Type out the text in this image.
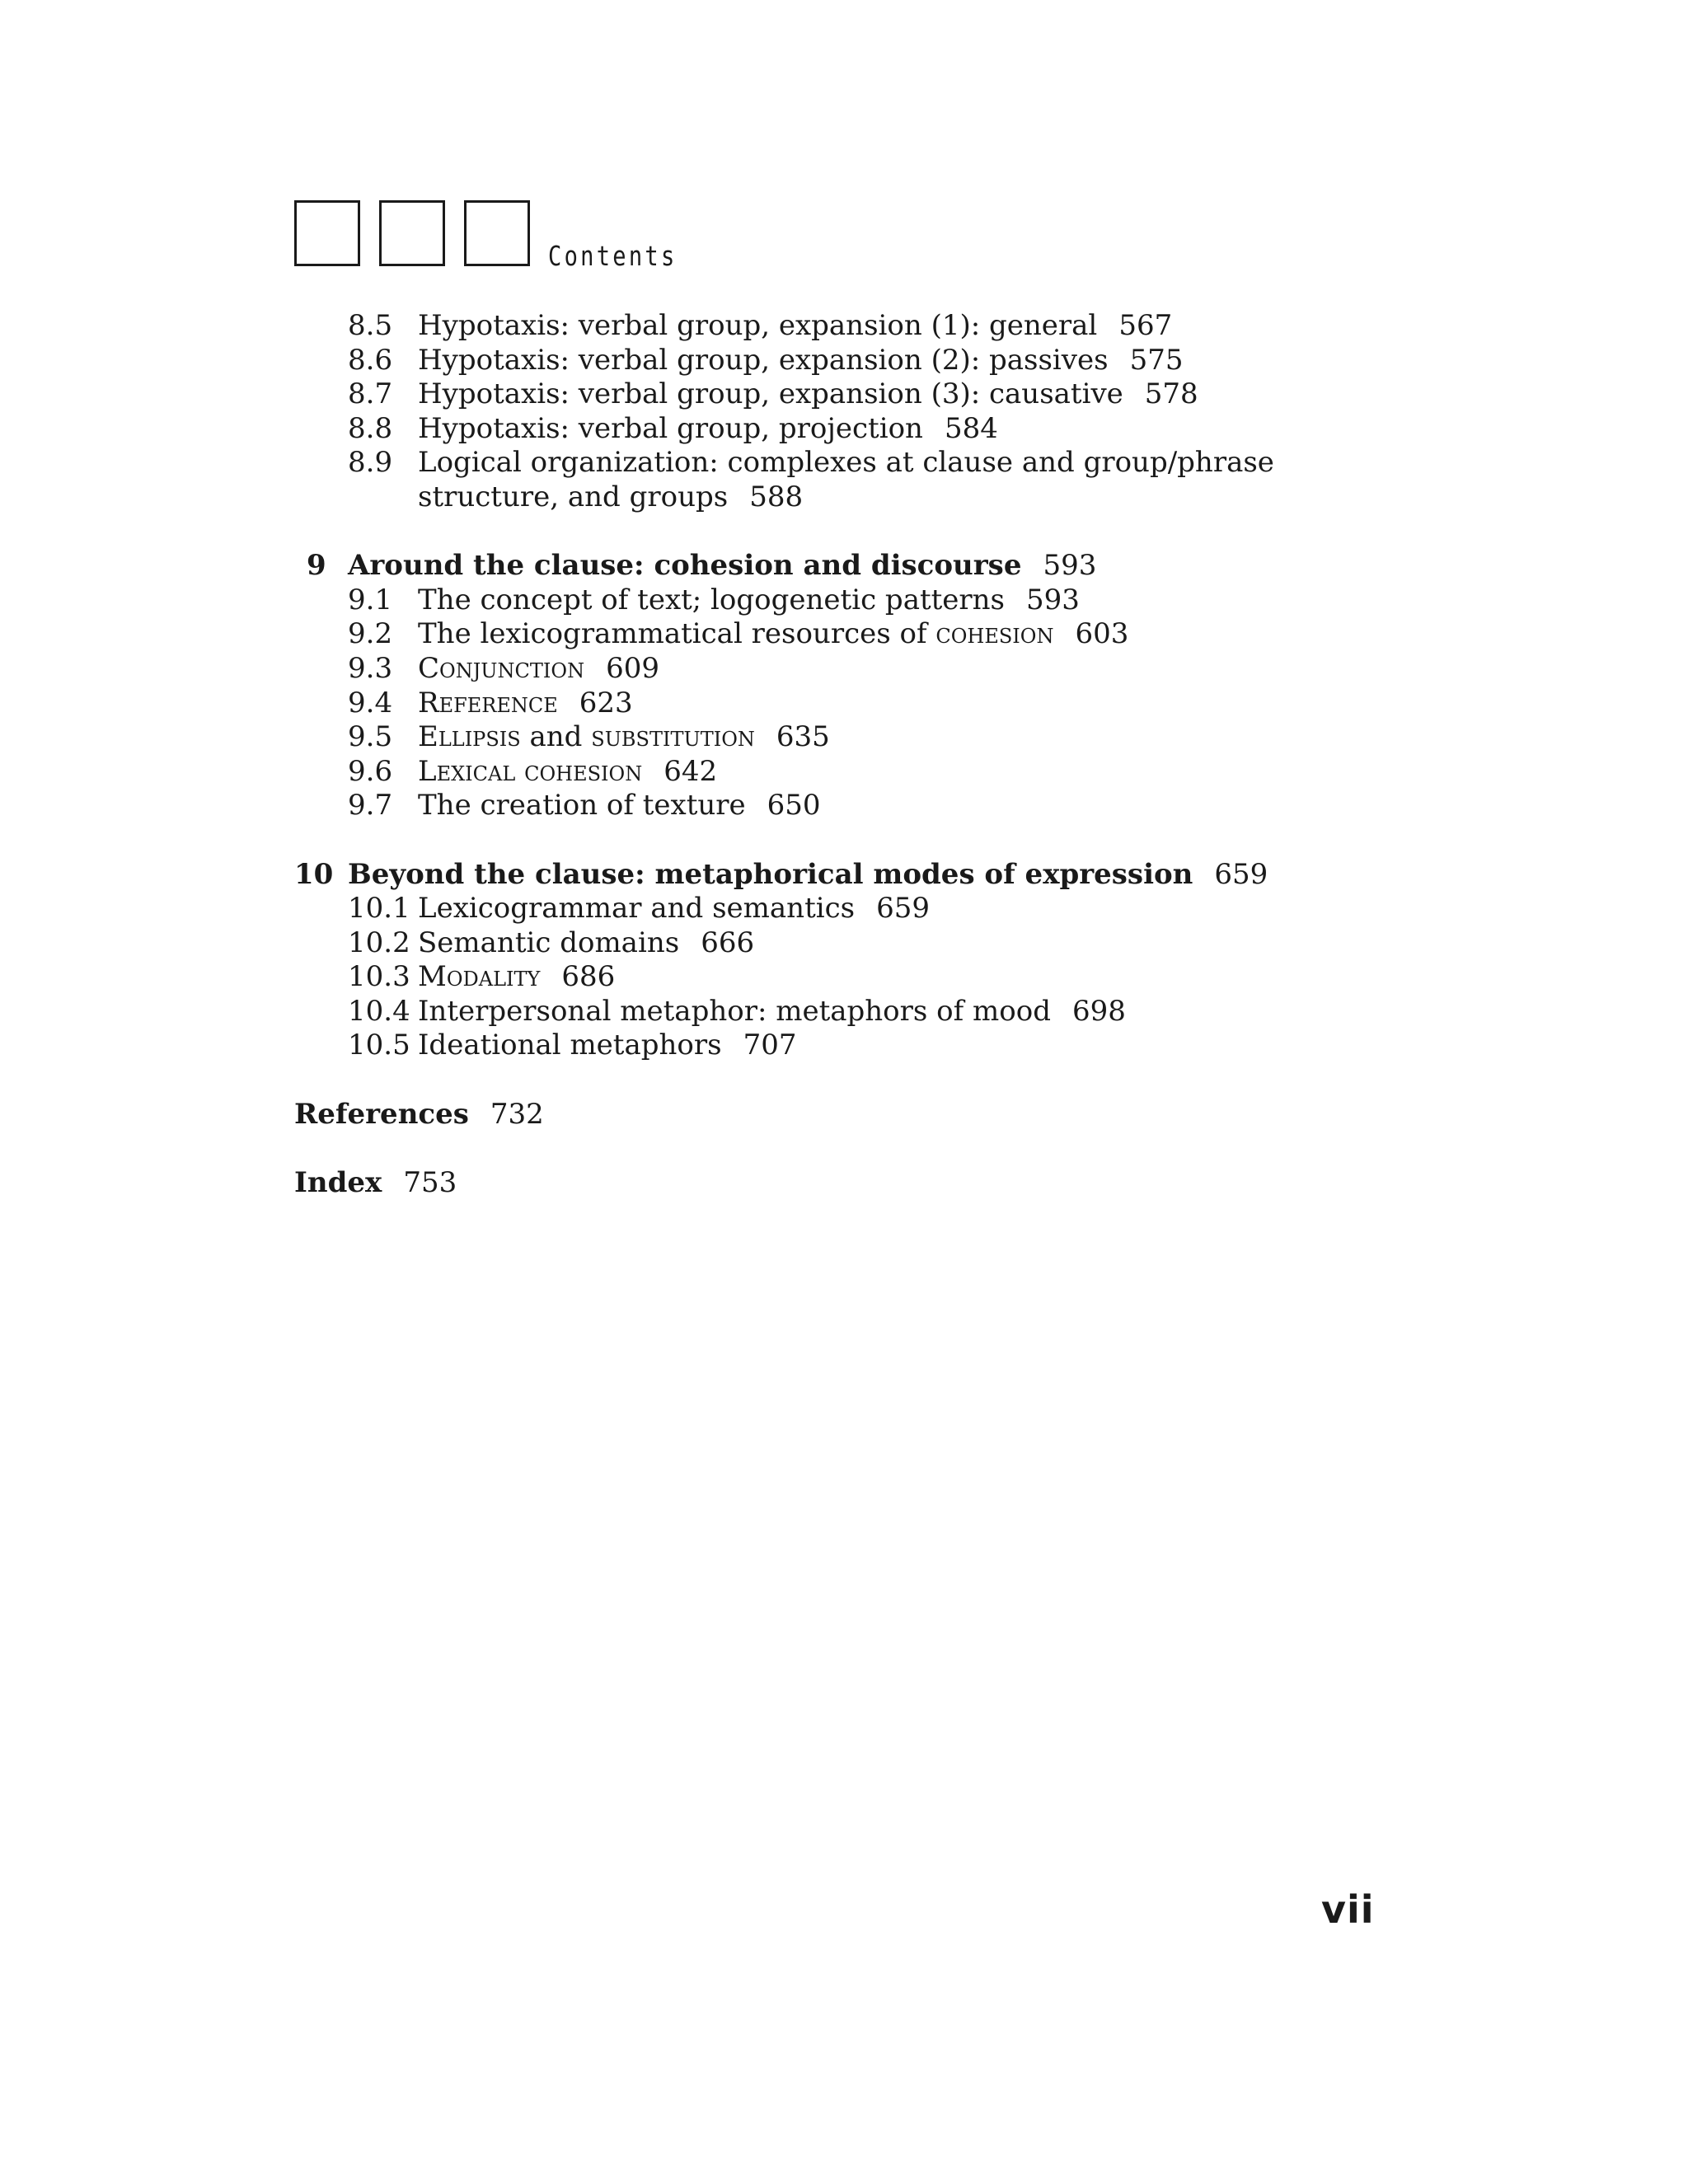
Contents
8.5 Hypotaxis: verbal group, expansion (1): general 567
8.6 Hypotaxis: verbal group, expansion (2): passives 575
8.7 Hypotaxis: verbal group, expansion (3): causative 578
8.8 Hypotaxis: verbal group, projection 584
8.9 Logical organization: complexes at clause and group/phrase structure, and groups 588
9 Around the clause: cohesion and discourse 593
9.1 The concept of text; logogenetic patterns 593
9.2 The lexicogrammatical resources of cohesion 603
9.3 Conjunction 609
9.4 Reference 623
9.5 Ellipsis and substitution 635
9.6 Lexical cohesion 642
9.7 The creation of texture 650
10 Beyond the clause: metaphorical modes of expression 659
10.1 Lexicogrammar and semantics 659
10.2 Semantic domains 666
10.3 Modality 686
10.4 Interpersonal metaphor: metaphors of mood 698
10.5 Ideational metaphors 707
References 732
Index 753
vii
